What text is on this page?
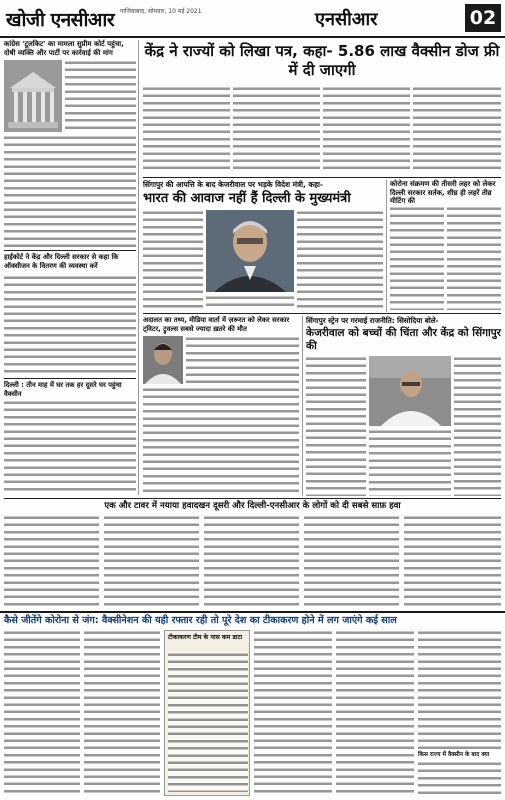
खोजी एनसीआर गाजियाबाद, सोमवार, 10 मई 2021	एनसीआर	02
कांग्रेस 'टूलकिट' का मामला सुप्रीम कोर्ट पहुंचा, दोषी व्यक्ति और पार्टी पर कार्रवाई की मांग
हाईकोर्ट ने केंद्र और दिल्ली सरकार से कहा कि ऑक्सीजन के वितरण की व्यवस्था करें
दिल्ली : तीन माह में घर तक हर दूसरे घर पहुंचा वैक्सीन
केंद्र ने राज्यों को लिखा पत्र, कहा- 5.86 लाख वैक्सीन डोज फ्री में दी जाएगी
सिंगापुर की आपत्ति के बाद केजरीवाल पर भड़के विदेश मंत्री, कहा-
भारत की आवाज नहीं हैं दिल्ली के मुख्यमंत्री
कोरोना संक्रमण की तीसरी लहर को लेकर दिल्ली सरकार सर्तक, शीघ्र ही लहरें तीव्र मीटिंग की
अदालत का तथ्य, मीडिया वार्ता में ज़रूरत को लेकर सरकार ट्विटर, ट्रुवल्स सबसे ज्यादा ख़तरे की मौत
सिंगापुर स्ट्रेन पर गरमाई राजनीति: सिसोदिया बोले-
केजरीवाल को बच्चों की चिंता और केंद्र को सिंगापुर की
एक और टावर में नयाया हवादखन दूसरी और दिल्ली-एनसीआर के लोगों को दी सबसे साफ़ हवा
कैसे जीतेंगे कोरोना से जंग: वैक्सीनेशन की यही रफ्तार रही तो पूरे देश का टीकाकरण होने में लग जाएंगे कई साल
टीकाकरण टीम के पास कम डाटा
किस राज्य में वैक्सीन के बाद क्या
